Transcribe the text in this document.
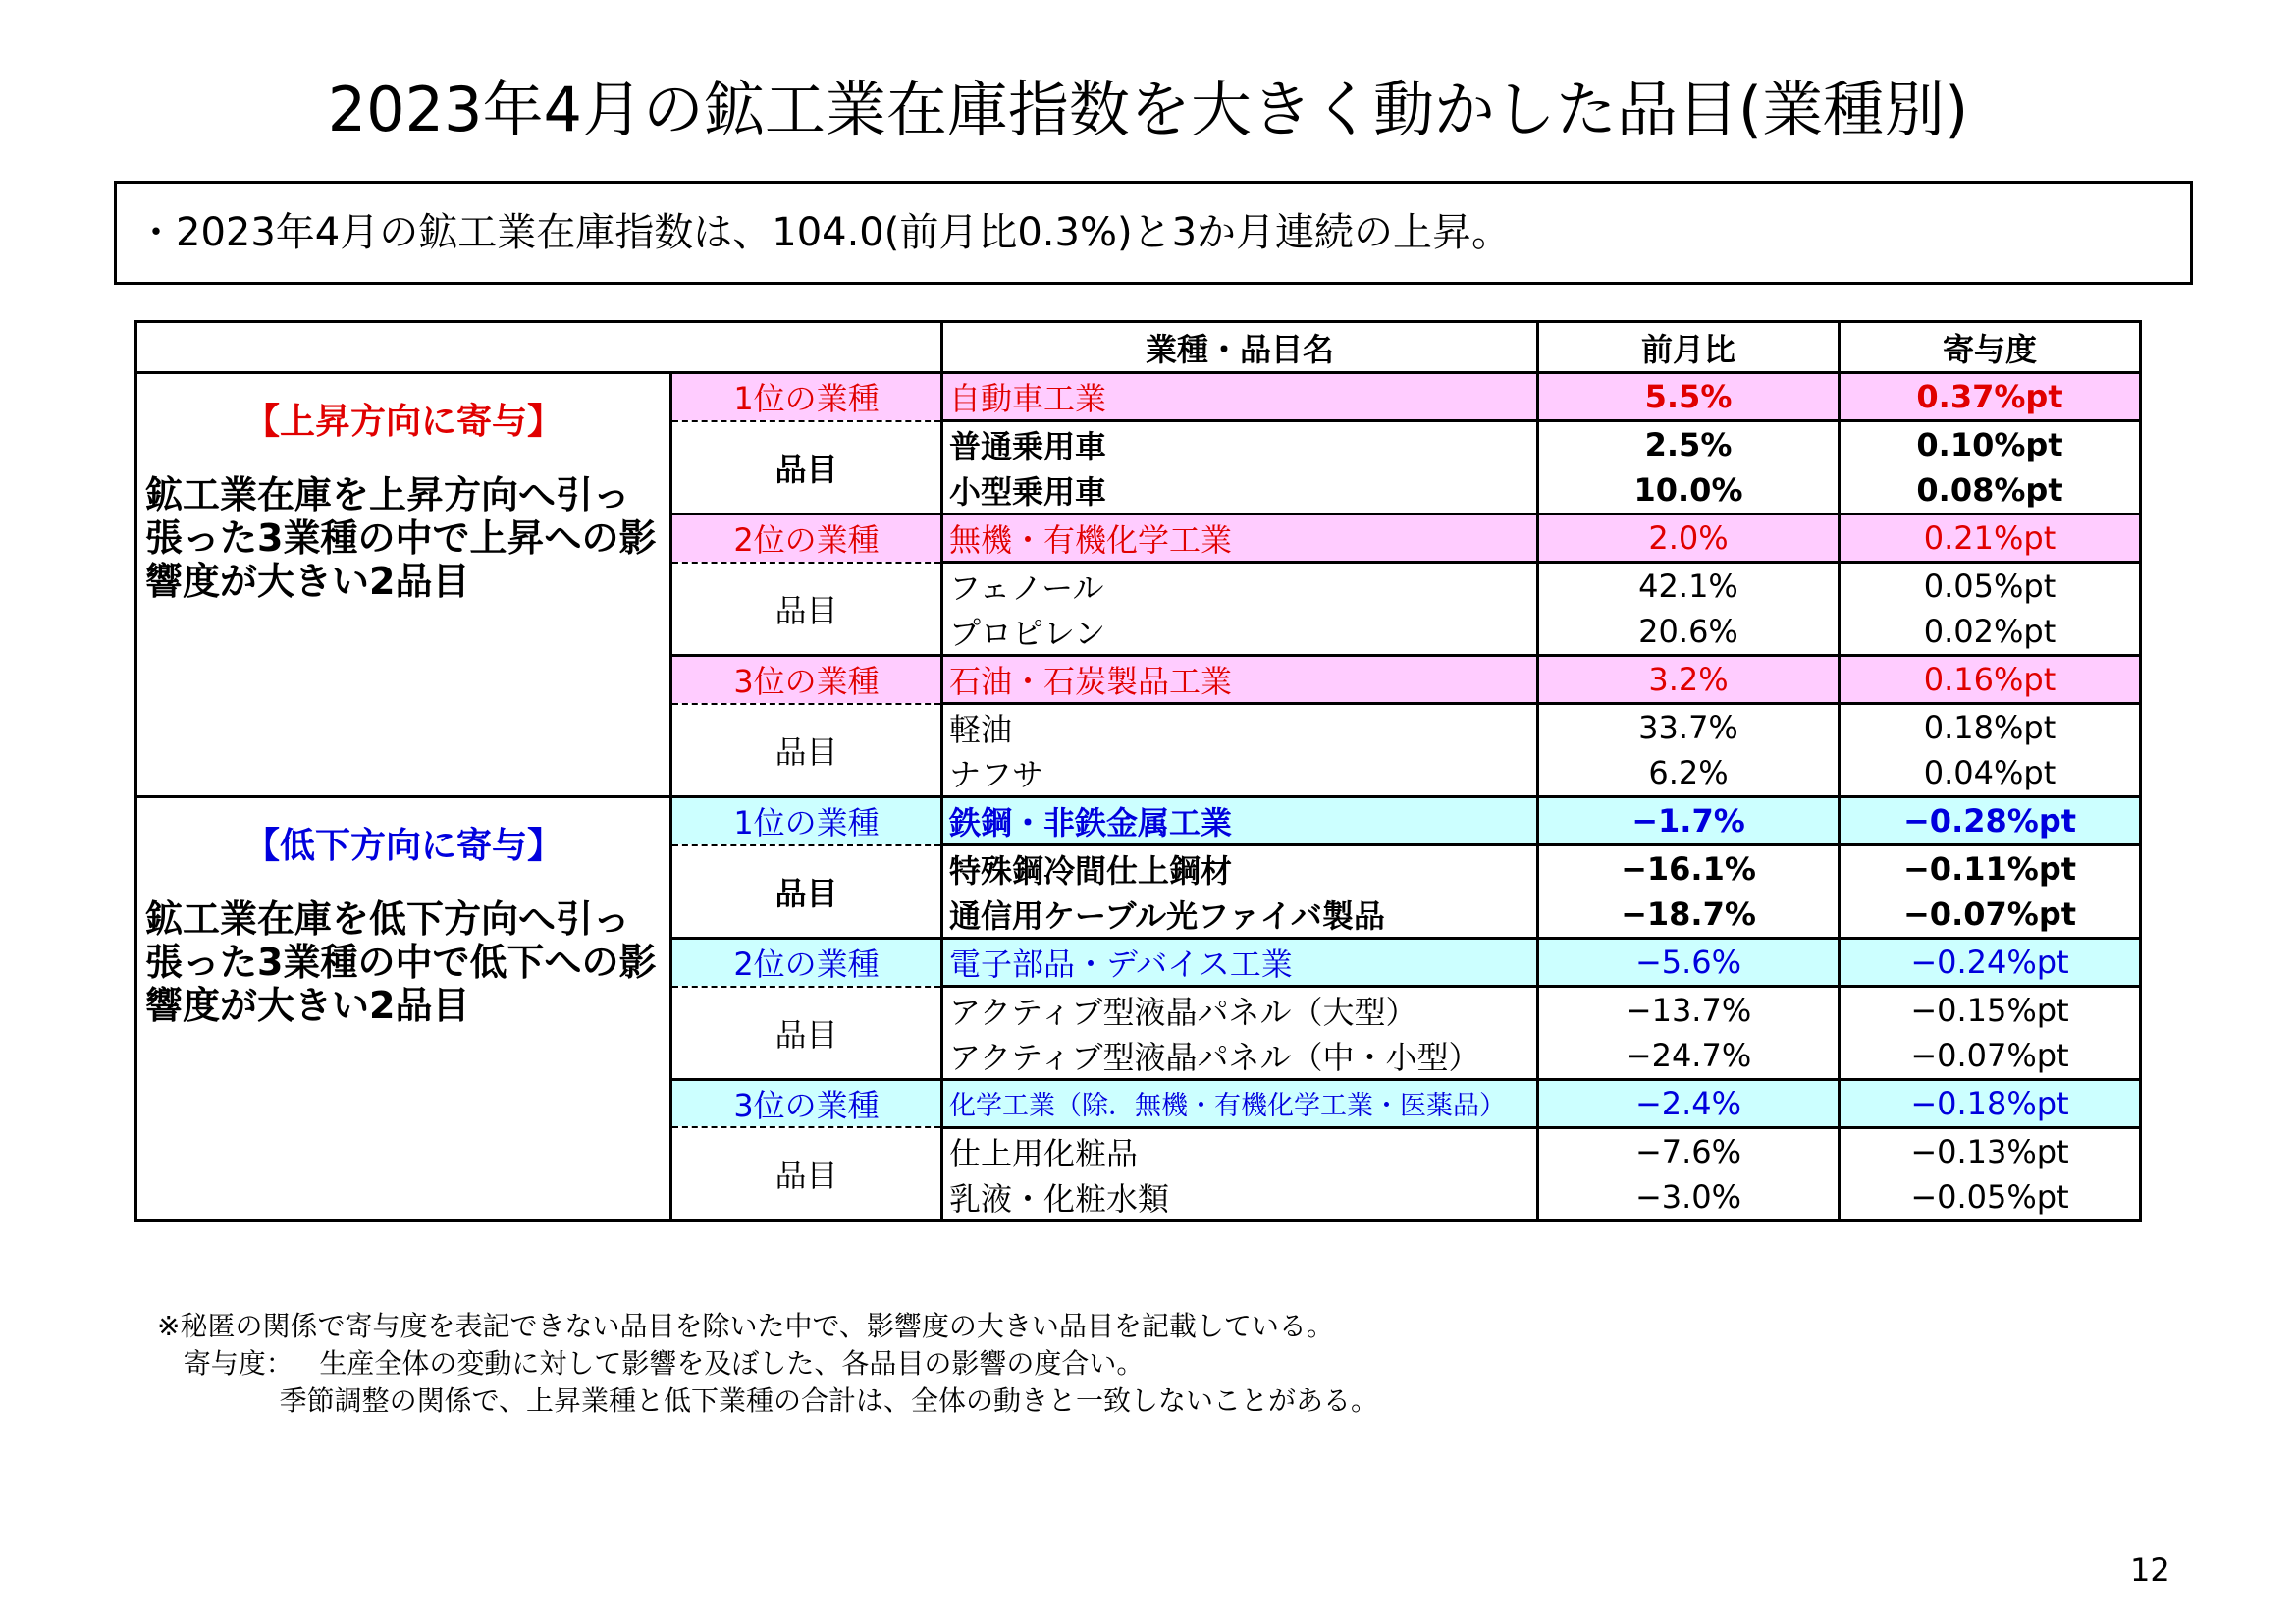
2023年4月の鉱工業在庫指数を大きく動かした品目(業種別)
・2023年4月の鉱工業在庫指数は、104.0(前月比0.3%)と3か月連続の上昇。
		業種・品目名	前月比	寄与度

【上昇方向に寄与】
鉱工業在庫を上昇方向へ引っ張った3業種の中で上昇への影響度が大きい2品目	1位の業種	自動車工業	5.5%	0.37%pt
	品目	普通乗用車	2.5%	0.10%pt
		小型乗用車	10.0%	0.08%pt
	2位の業種	無機・有機化学工業	2.0%	0.21%pt
	品目	フェノール	42.1%	0.05%pt
		プロピレン	20.6%	0.02%pt
	3位の業種	石油・石炭製品工業	3.2%	0.16%pt
	品目	軽油	33.7%	0.18%pt
		ナフサ	6.2%	0.04%pt

【低下方向に寄与】
鉱工業在庫を低下方向へ引っ張った3業種の中で低下への影響度が大きい2品目	1位の業種	鉄鋼・非鉄金属工業	−1.7%	−0.28%pt
	品目	特殊鋼冷間仕上鋼材	−16.1%	−0.11%pt
		通信用ケーブル光ファイバ製品	−18.7%	−0.07%pt
	2位の業種	電子部品・デバイス工業	−5.6%	−0.24%pt
	品目	アクティブ型液晶パネル（大型）	−13.7%	−0.15%pt
		アクティブ型液晶パネル（中・小型）	−24.7%	−0.07%pt
	3位の業種	化学工業（除．無機・有機化学工業・医薬品）	−2.4%	−0.18%pt
	品目	仕上用化粧品	−7.6%	−0.13%pt
		乳液・化粧水類	−3.0%	−0.05%pt
※秘匿の関係で寄与度を表記できない品目を除いた中で、影響度の大きい品目を記載している。
寄与度：   生産全体の変動に対して影響を及ぼした、各品目の影響の度合い。
季節調整の関係で、上昇業種と低下業種の合計は、全体の動きと一致しないことがある。
12
